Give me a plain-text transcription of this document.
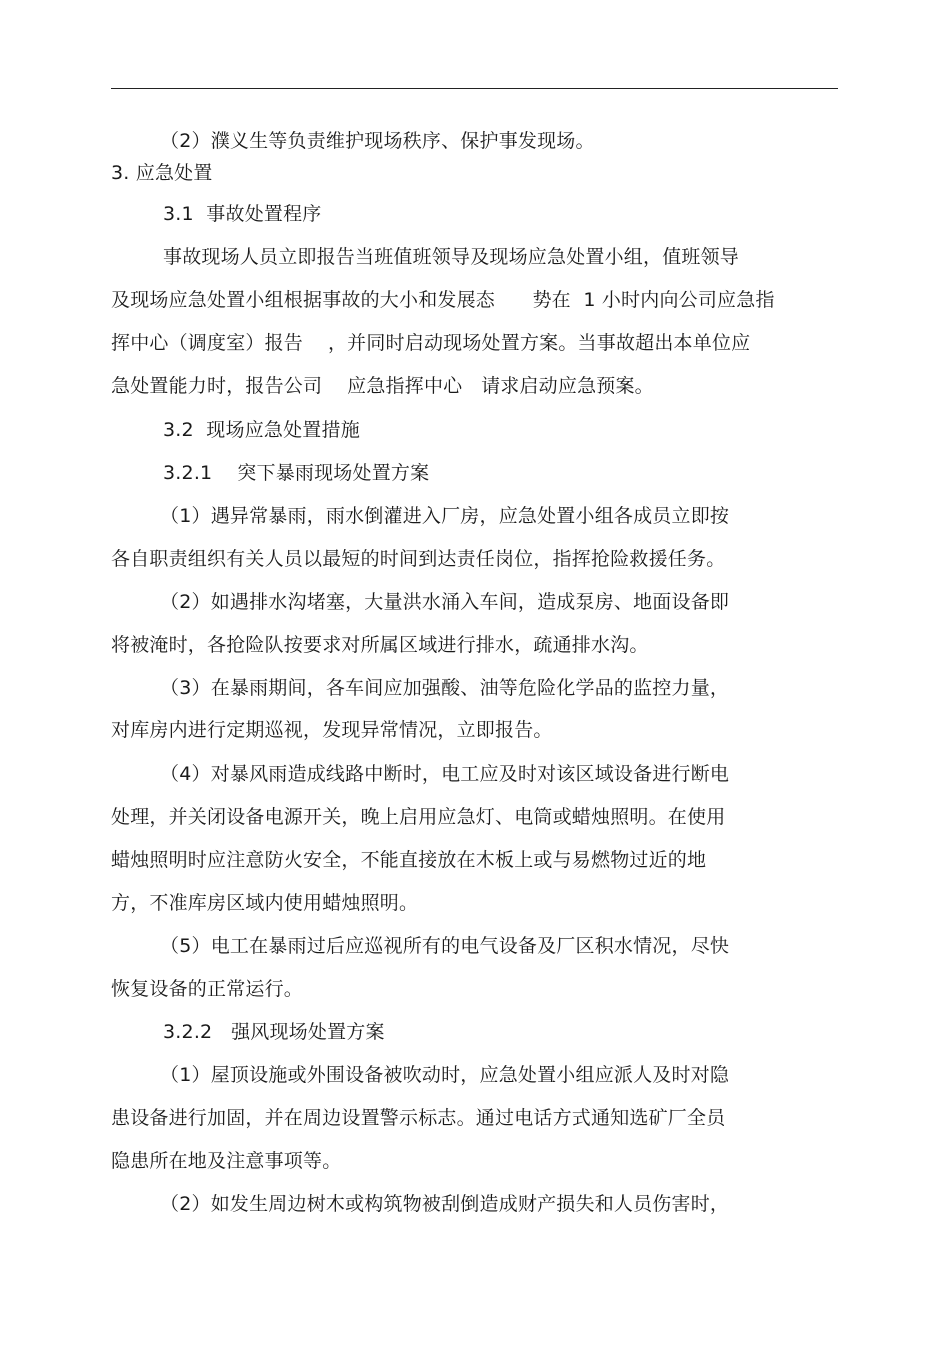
（2）濮义生等负责维护现场秩序、保护事发现场。
3. 应急处置
3.1  事故处置程序
事故现场人员立即报告当班值班领导及现场应急处置小组，值班领导
及现场应急处置小组根据事故的大小和发展态      势在  1 小时内向公司应急指
挥中心（调度室）报告    ，并同时启动现场处置方案。当事故超出本单位应
急处置能力时，报告公司    应急指挥中心   请求启动应急预案。
3.2  现场应急处置措施
3.2.1    突下暴雨现场处置方案
（1）遇异常暴雨，雨水倒灌进入厂房，应急处置小组各成员立即按
各自职责组织有关人员以最短的时间到达责任岗位，指挥抢险救援任务。
（2）如遇排水沟堵塞，大量洪水涌入车间，造成泵房、地面设备即
将被淹时，各抢险队按要求对所属区域进行排水，疏通排水沟。
（3）在暴雨期间，各车间应加强酸、油等危险化学品的监控力量，
对库房内进行定期巡视，发现异常情况，立即报告。
（4）对暴风雨造成线路中断时，电工应及时对该区域设备进行断电
处理，并关闭设备电源开关，晚上启用应急灯、电筒或蜡烛照明。在使用
蜡烛照明时应注意防火安全，不能直接放在木板上或与易燃物过近的地
方，不准库房区域内使用蜡烛照明。
（5）电工在暴雨过后应巡视所有的电气设备及厂区积水情况，尽快
恢复设备的正常运行。
3.2.2   强风现场处置方案
（1）屋顶设施或外围设备被吹动时，应急处置小组应派人及时对隐
患设备进行加固，并在周边设置警示标志。通过电话方式通知选矿厂全员
隐患所在地及注意事项等。
（2）如发生周边树木或构筑物被刮倒造成财产损失和人员伤害时，
